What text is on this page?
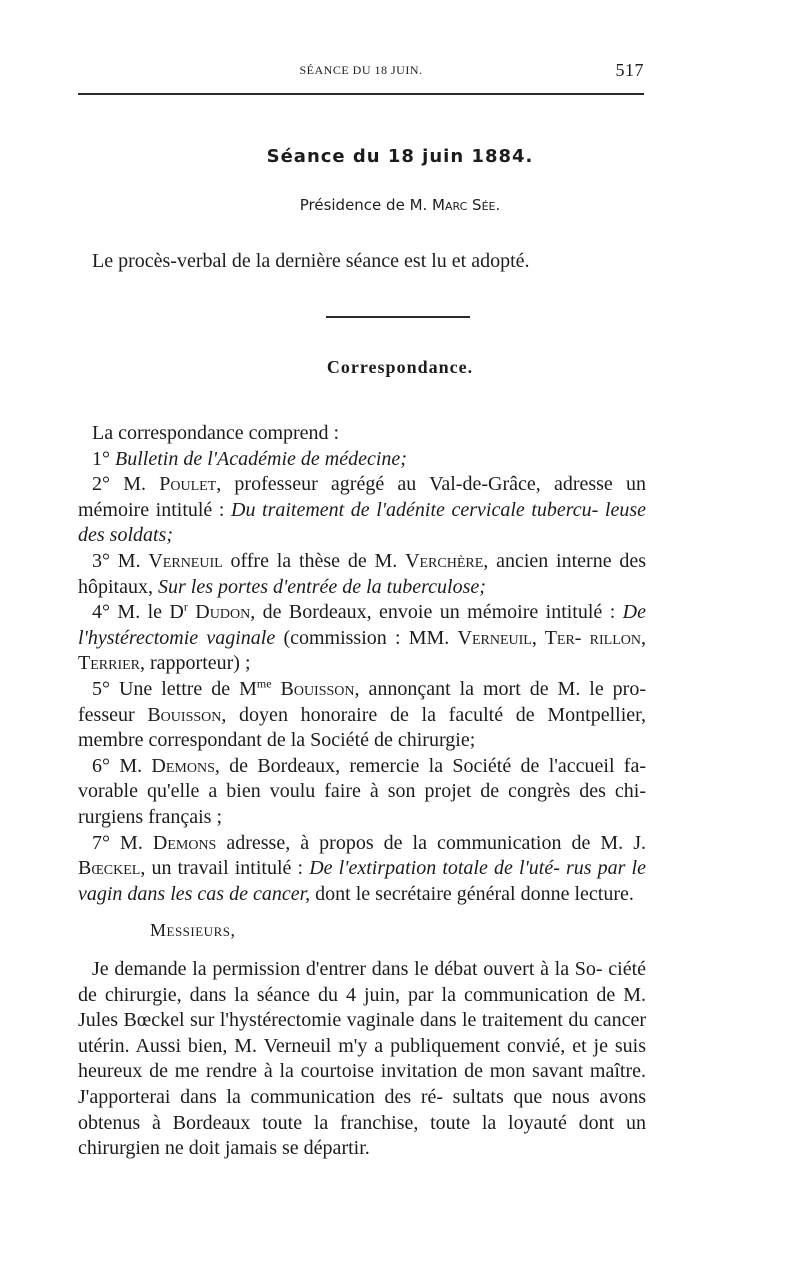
SÉANCE DU 18 JUIN.	517
Séance du 18 juin 1884.
Présidence de M. Marc Sée.
Le procès-verbal de la dernière séance est lu et adopté.
Correspondance.

La correspondance comprend :

1° Bulletin de l'Académie de médecine;

2° M. Poulet, professeur agrégé au Val-de-Grâce, adresse un mémoire intitulé : Du traitement de l'adénite cervicale tubercu- leuse des soldats;

3° M. Verneuil offre la thèse de M. Verchère, ancien interne des hôpitaux, Sur les portes d'entrée de la tuberculose;

4° M. le $D^r$ Dudon, de Bordeaux, envoie un mémoire intitulé : De l'hystérectomie vaginale (commission : MM. Verneuil, Ter- rillon, Terrier, rapporteur) ;

5° Une lettre de $M^{me}$ Bouisson, annonçant la mort de M. le pro- fesseur Bouisson, doyen honoraire de la faculté de Montpellier, membre correspondant de la Société de chirurgie;

6° M. Demons, de Bordeaux, remercie la Société de l'accueil fa- vorable qu'elle a bien voulu faire à son projet de congrès des chi- rurgiens français ;

7° M. Demons adresse, à propos de la communication de M. J. Bœckel, un travail intitulé : De l'extirpation totale de l'uté- rus par le vagin dans les cas de cancer, dont le secrétaire général donne lecture.

Messieurs,

Je demande la permission d'entrer dans le débat ouvert à la So- ciété de chirurgie, dans la séance du 4 juin, par la communication de M. Jules Bœckel sur l'hystérectomie vaginale dans le traitement du cancer utérin. Aussi bien, M. Verneuil m'y a publiquement convié, et je suis heureux de me rendre à la courtoise invitation de mon savant maître. J'apporterai dans la communication des ré- sultats que nous avons obtenus à Bordeaux toute la franchise, toute la loyauté dont un chirurgien ne doit jamais se départir.
